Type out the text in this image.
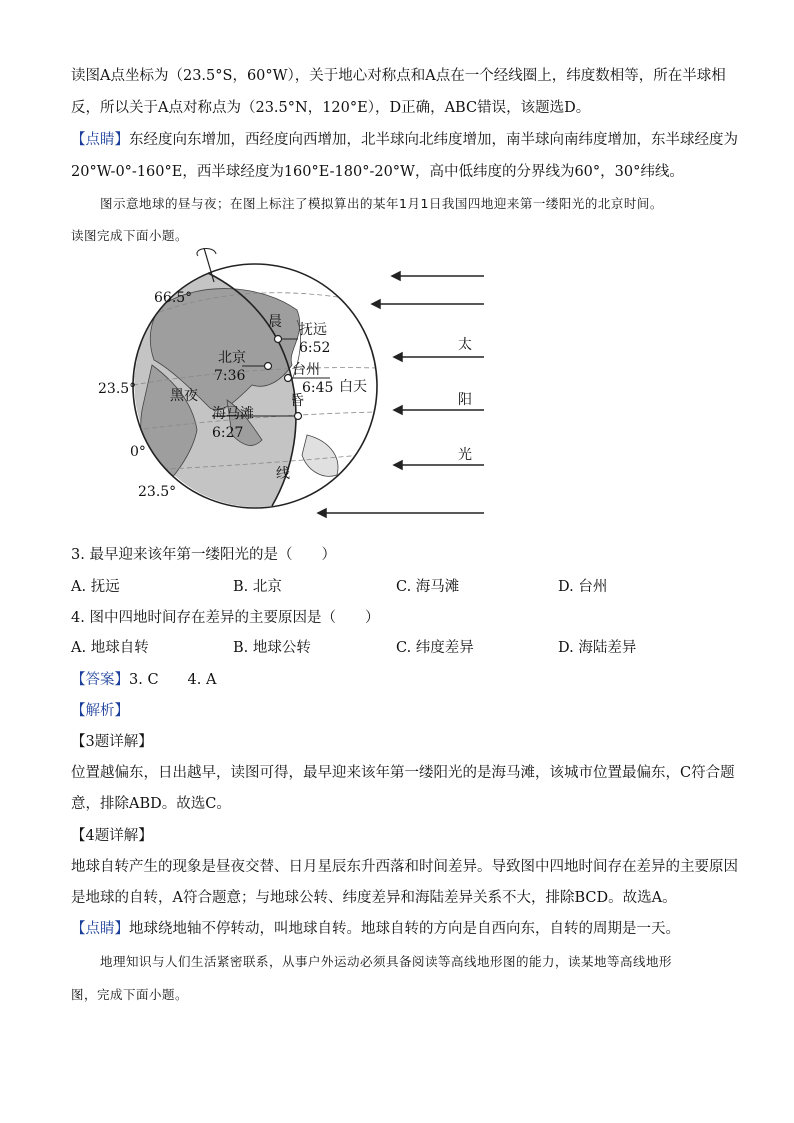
读图A点坐标为（23.5°S，60°W），关于地心对称点和A点在一个经线圈上，纬度数相等，所在半球相
反，所以关于A点对称点为（23.5°N，120°E），D正确，ABC错误，该题选D。
【点睛】东经度向东增加，西经度向西增加，北半球向北纬度增加，南半球向南纬度增加，东半球经度为
20°W-0°-160°E，西半球经度为160°E-180°-20°W，高中低纬度的分界线为60°，30°纬线。
图示意地球的昼与夜；在图上标注了模拟算出的某年1月1日我国四地迎来第一缕阳光的北京时间。
读图完成下面小题。
66.5°
23.5°
0°
23.5°
黑夜
白天
晨
昏
线
太
阳
光
抚远
6:52
北京
7:36	台州
6:45
海马滩
6:27
3. 最早迎来该年第一缕阳光的是（　　）
A. 抚远	B. 北京	C. 海马滩	D. 台州
4. 图中四地时间存在差异的主要原因是（　　）
A. 地球自转	B. 地球公转	C. 纬度差异	D. 海陆差异
【答案】3. C　　4. A
【解析】
【3题详解】
位置越偏东，日出越早，读图可得，最早迎来该年第一缕阳光的是海马滩，该城市位置最偏东，C符合题
意，排除ABD。故选C。
【4题详解】
地球自转产生的现象是昼夜交替、日月星辰东升西落和时间差异。导致图中四地时间存在差异的主要原因
是地球的自转，A符合题意；与地球公转、纬度差异和海陆差异关系不大，排除BCD。故选A。
【点睛】地球绕地轴不停转动，叫地球自转。地球自转的方向是自西向东，自转的周期是一天。
地理知识与人们生活紧密联系，从事户外运动必须具备阅读等高线地形图的能力，读某地等高线地形
图，完成下面小题。
